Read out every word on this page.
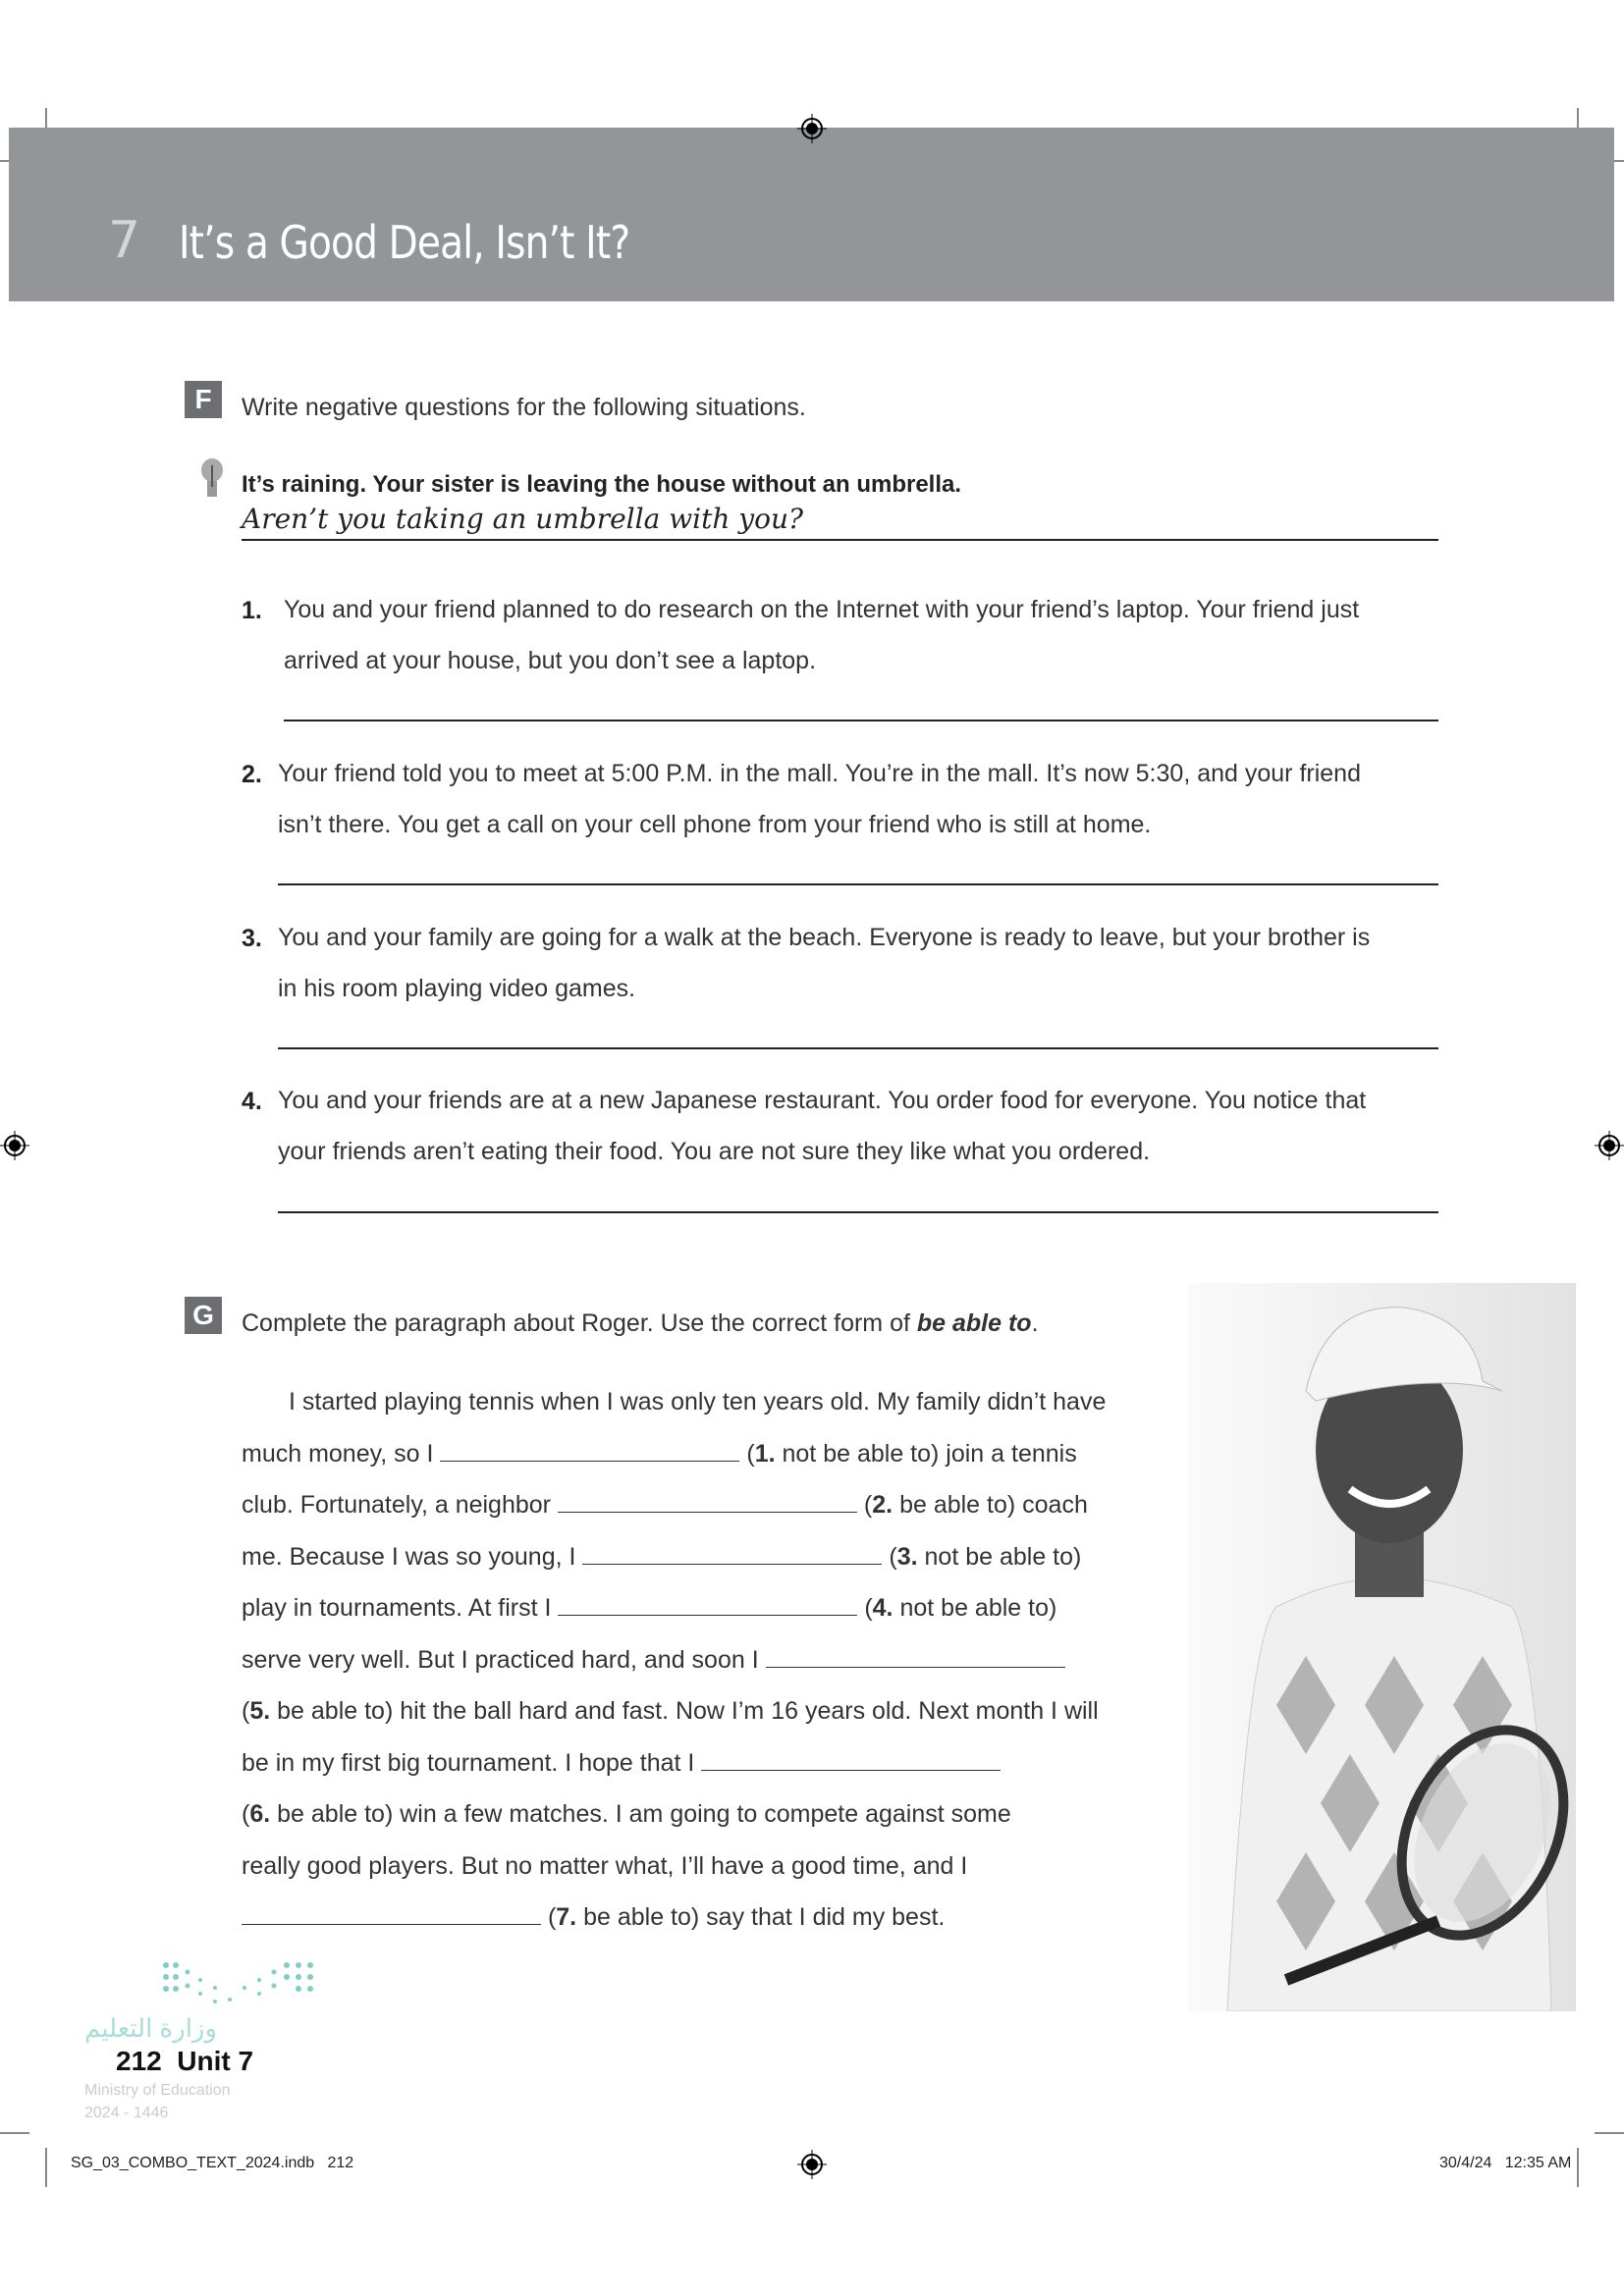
7 It’s a Good Deal, Isn’t It?
F	Write negative questions for the following situations.
It’s raining. Your sister is leaving the house without an umbrella.
Aren’t you taking an umbrella with you?
1. You and your friend planned to do research on the Internet with your friend’s laptop. Your friend just
arrived at your house, but you don’t see a laptop.
2. Your friend told you to meet at 5:00 P.M. in the mall. You’re in the mall. It’s now 5:30, and your friend
isn’t there. You get a call on your cell phone from your friend who is still at home.
3. You and your family are going for a walk at the beach. Everyone is ready to leave, but your brother is
in his room playing video games.
4. You and your friends are at a new Japanese restaurant. You order food for everyone. You notice that
your friends aren’t eating their food. You are not sure they like what you ordered.
G	Complete the paragraph about Roger. Use the correct form of be able to.
I started playing tennis when I was only ten years old. My family didn’t have
much money, so I	(1. not be able to) join a tennis
club. Fortunately, a neighbor	(2. be able to) coach
me. Because I was so young, I	(3. not be able to)
play in tournaments. At first I	(4. not be able to)
serve very well. But I practiced hard, and soon I
(5. be able to) hit the ball hard and fast. Now I’m 16 years old. Next month I will
be in my first big tournament. I hope that I
(6. be able to) win a few matches. I am going to compete against some
really good players. But no matter what, I’ll have a good time, and I
(7. be able to) say that I did my best.
وزارة التعليم
212 Unit 7
Ministry of Education
2024 - 1446
SG_03_COMBO_TEXT_2024.indb   212	30/4/24   12:35 AM
